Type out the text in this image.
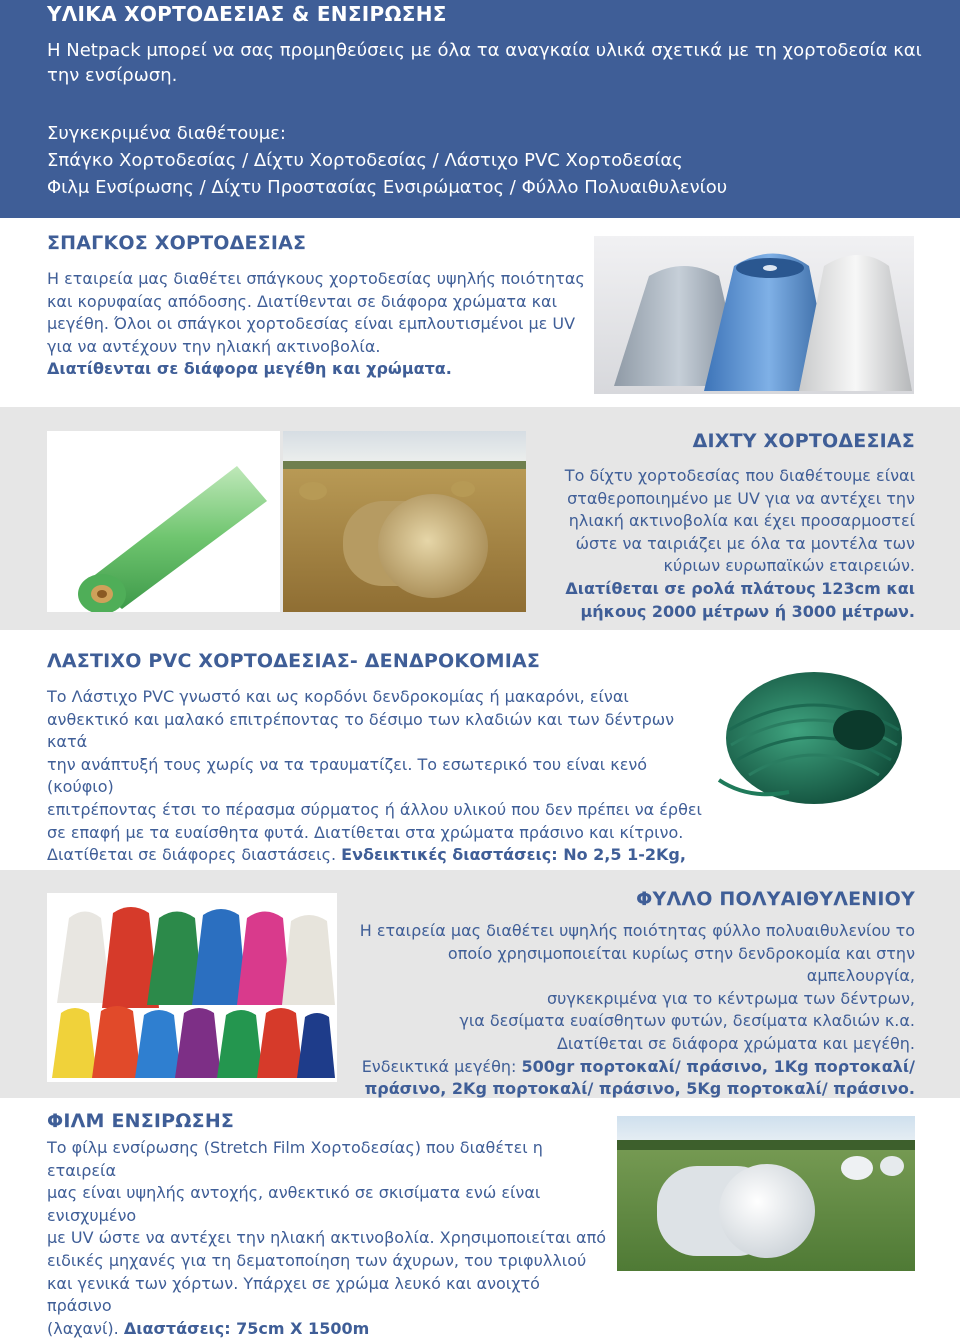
ΥΛΙΚΑ ΧΟΡΤΟΔΕΣΙΑΣ & ΕΝΣΙΡΩΣΗΣ
Η Netpack μπορεί να σας προμηθεύσεις με όλα τα αναγκαία υλικά σχετικά με τη χορτοδεσία και την ενσίρωση.
Συγκεκριμένα διαθέτουμε:
Σπάγκο Χορτοδεσίας / Δίχτυ Χορτοδεσίας / Λάστιχο PVC Χορτοδεσίας
Φιλμ Ενσίρωσης / Δίχτυ Προστασίας Ενσιρώματος / Φύλλο Πολυαιθυλενίου
ΣΠΑΓΚΟΣ ΧΟΡΤΟΔΕΣΙΑΣ
Η εταιρεία μας διαθέτει σπάγκους χορτοδεσίας υψηλής ποιότητας
και κορυφαίας απόδοσης. Διατίθενται σε διάφορα χρώματα και
μεγέθη. Όλοι οι σπάγκοι χορτοδεσίας είναι εμπλουτισμένοι με UV
για να αντέχουν την ηλιακή ακτινοβολία.
Διατίθενται σε διάφορα μεγέθη και χρώματα.
ΔΙΧΤΥ ΧΟΡΤΟΔΕΣΙΑΣ
Το δίχτυ χορτοδεσίας που διαθέτουμε είναι
σταθεροποιημένο με UV για να αντέχει την
ηλιακή ακτινοβολία και έχει προσαρμοστεί
ώστε να ταιριάζει με όλα τα μοντέλα των
κύριων ευρωπαϊκών εταιρειών.
Διατίθεται σε ρολά πλάτους 123cm και
μήκους 2000 μέτρων ή 3000 μέτρων.
ΛΑΣΤΙΧΟ PVC ΧΟΡΤΟΔΕΣΙΑΣ- ΔΕΝΔΡΟΚΟΜΙΑΣ
Το Λάστιχο PVC γνωστό και ως κορδόνι δενδροκομίας ή μακαρόνι, είναι
ανθεκτικό και μαλακό επιτρέποντας το δέσιμο των κλαδιών και των δέντρων κατά
την ανάπτυξή τους χωρίς να τα τραυματίζει. Το εσωτερικό του είναι κενό (κούφιο)
επιτρέποντας έτσι το πέρασμα σύρματος ή άλλου υλικού που δεν πρέπει να έρθει
σε επαφή με τα ευαίσθητα φυτά. Διατίθεται στα χρώματα πράσινο και κίτρινο.
Διατίθεται σε διάφορες διαστάσεις. Ενδεικτικές διαστάσεις: Νο 2,5 1-2Kg,
ΦΥΛΛΟ ΠΟΛΥΑΙΘΥΛΕΝΙΟΥ
Η εταιρεία μας διαθέτει υψηλής ποιότητας φύλλο πολυαιθυλενίου το
οποίο χρησιμοποιείται κυρίως στην δενδροκομία και στην αμπελουργία,
συγκεκριμένα για το κέντρωμα των δέντρων,
για δεσίματα ευαίσθητων φυτών, δεσίματα κλαδιών κ.α.
Διατίθεται σε διάφορα χρώματα και μεγέθη.
Ενδεικτικά μεγέθη: 500gr πορτοκαλί/ πράσινο, 1Kg πορτοκαλί/
πράσινο, 2Kg πορτοκαλί/ πράσινο, 5Kg πορτοκαλί/ πράσινο.
ΦΙΛΜ ΕΝΣΙΡΩΣΗΣ
Το φίλμ ενσίρωσης (Stretch Film Χορτοδεσίας) που διαθέτει η εταιρεία
μας είναι υψηλής αντοχής, ανθεκτικό σε σκισίματα ενώ είναι ενισχυμένο
με UV ώστε να αντέχει την ηλιακή ακτινοβολία. Χρησιμοποιείται από
ειδικές μηχανές για τη δεματοποίηση των άχυρων, του τριφυλλιού
και γενικά των χόρτων. Υπάρχει σε χρώμα λευκό και ανοιχτό πράσινο
(λαχανί). Διαστάσεις: 75cm X 1500m
